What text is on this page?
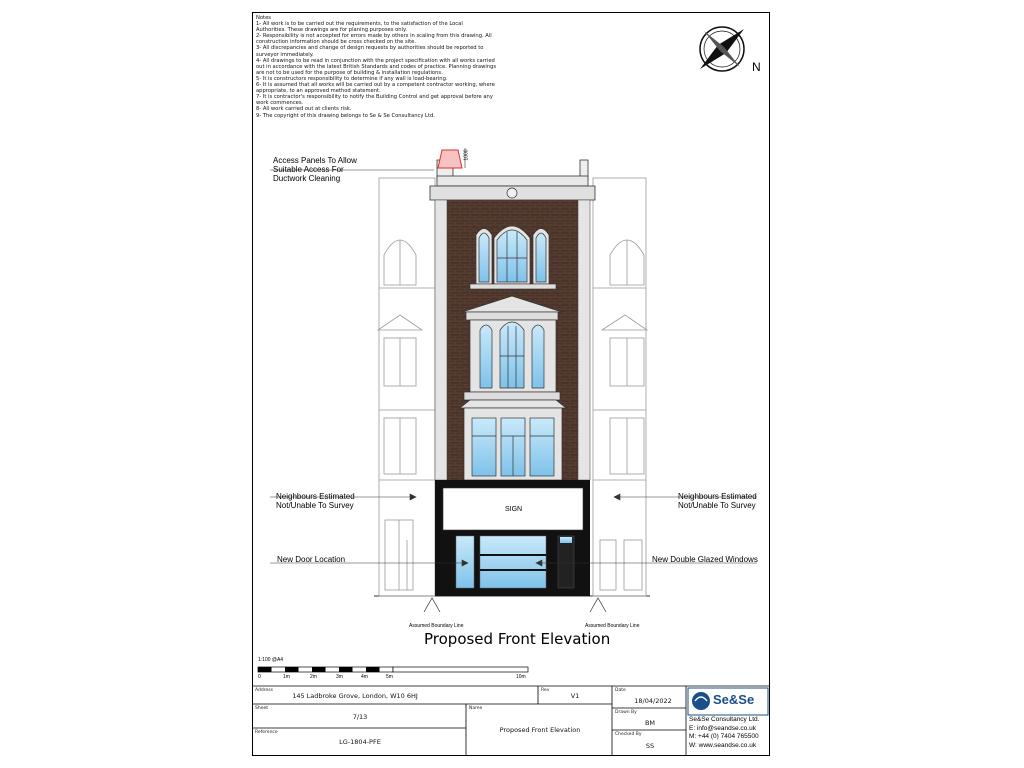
Notes
1- All work is to be carried out the requirements, to the satisfaction of the Local
Authorities. These drawings are for planing purposes only.
2- Responsibility is not accepted for errors made by others in scaling from this drawing. All
construction information should be cross checked on the site.
3- All discrepancies and change of design requests by authorities should be reported to
surveyor immediately.
4- All drawings to be read in conjunction with the project specification with all works carried
out in accordance with the latest British Standards and codes of practice. Planning drawings
are not to be used for the purpose of building & installation regulations.
5- It is constructors responsibility to determine if any wall is load-bearing.
6- It is assumed that all works will be carried out by a competent contractor working, where
appropriate, to an approved method statement.
7- It is contractor's responsibility to notify the Building Control and get approval before any
work commences.
8- All work carried out at clients risk.
9- The copyright of this drawing belongs to Se & Se Consultancy Ltd.
Access Panels To Allow
Suitable Access For
Ductwork Cleaning
1000
Neighbours Estimated
Not/Unable To Survey
Neighbours Estimated
Not/Unable To Survey
New Door Location	New Double Glazed Windows
SIGN
Assumed Boundary Line	Assumed Boundary Line
N
Proposed Front Elevation
1:100 @A4
0	1m	2m	3m	4m	5m	10m
Address
145 Ladbroke Grove, London, W10 6HJ
Rev
V1
Date
18/04/2022
Sheet
7/13
Name
Proposed Front Elevation
Drawn By
BM
Reference
LG-1804-PFE
Checked By
SS
Se&Se
Se&Se Consultancy Ltd.
E: info@seandse.co.uk
M: +44 (0) 7404 765500
W: www.seandse.co.uk
